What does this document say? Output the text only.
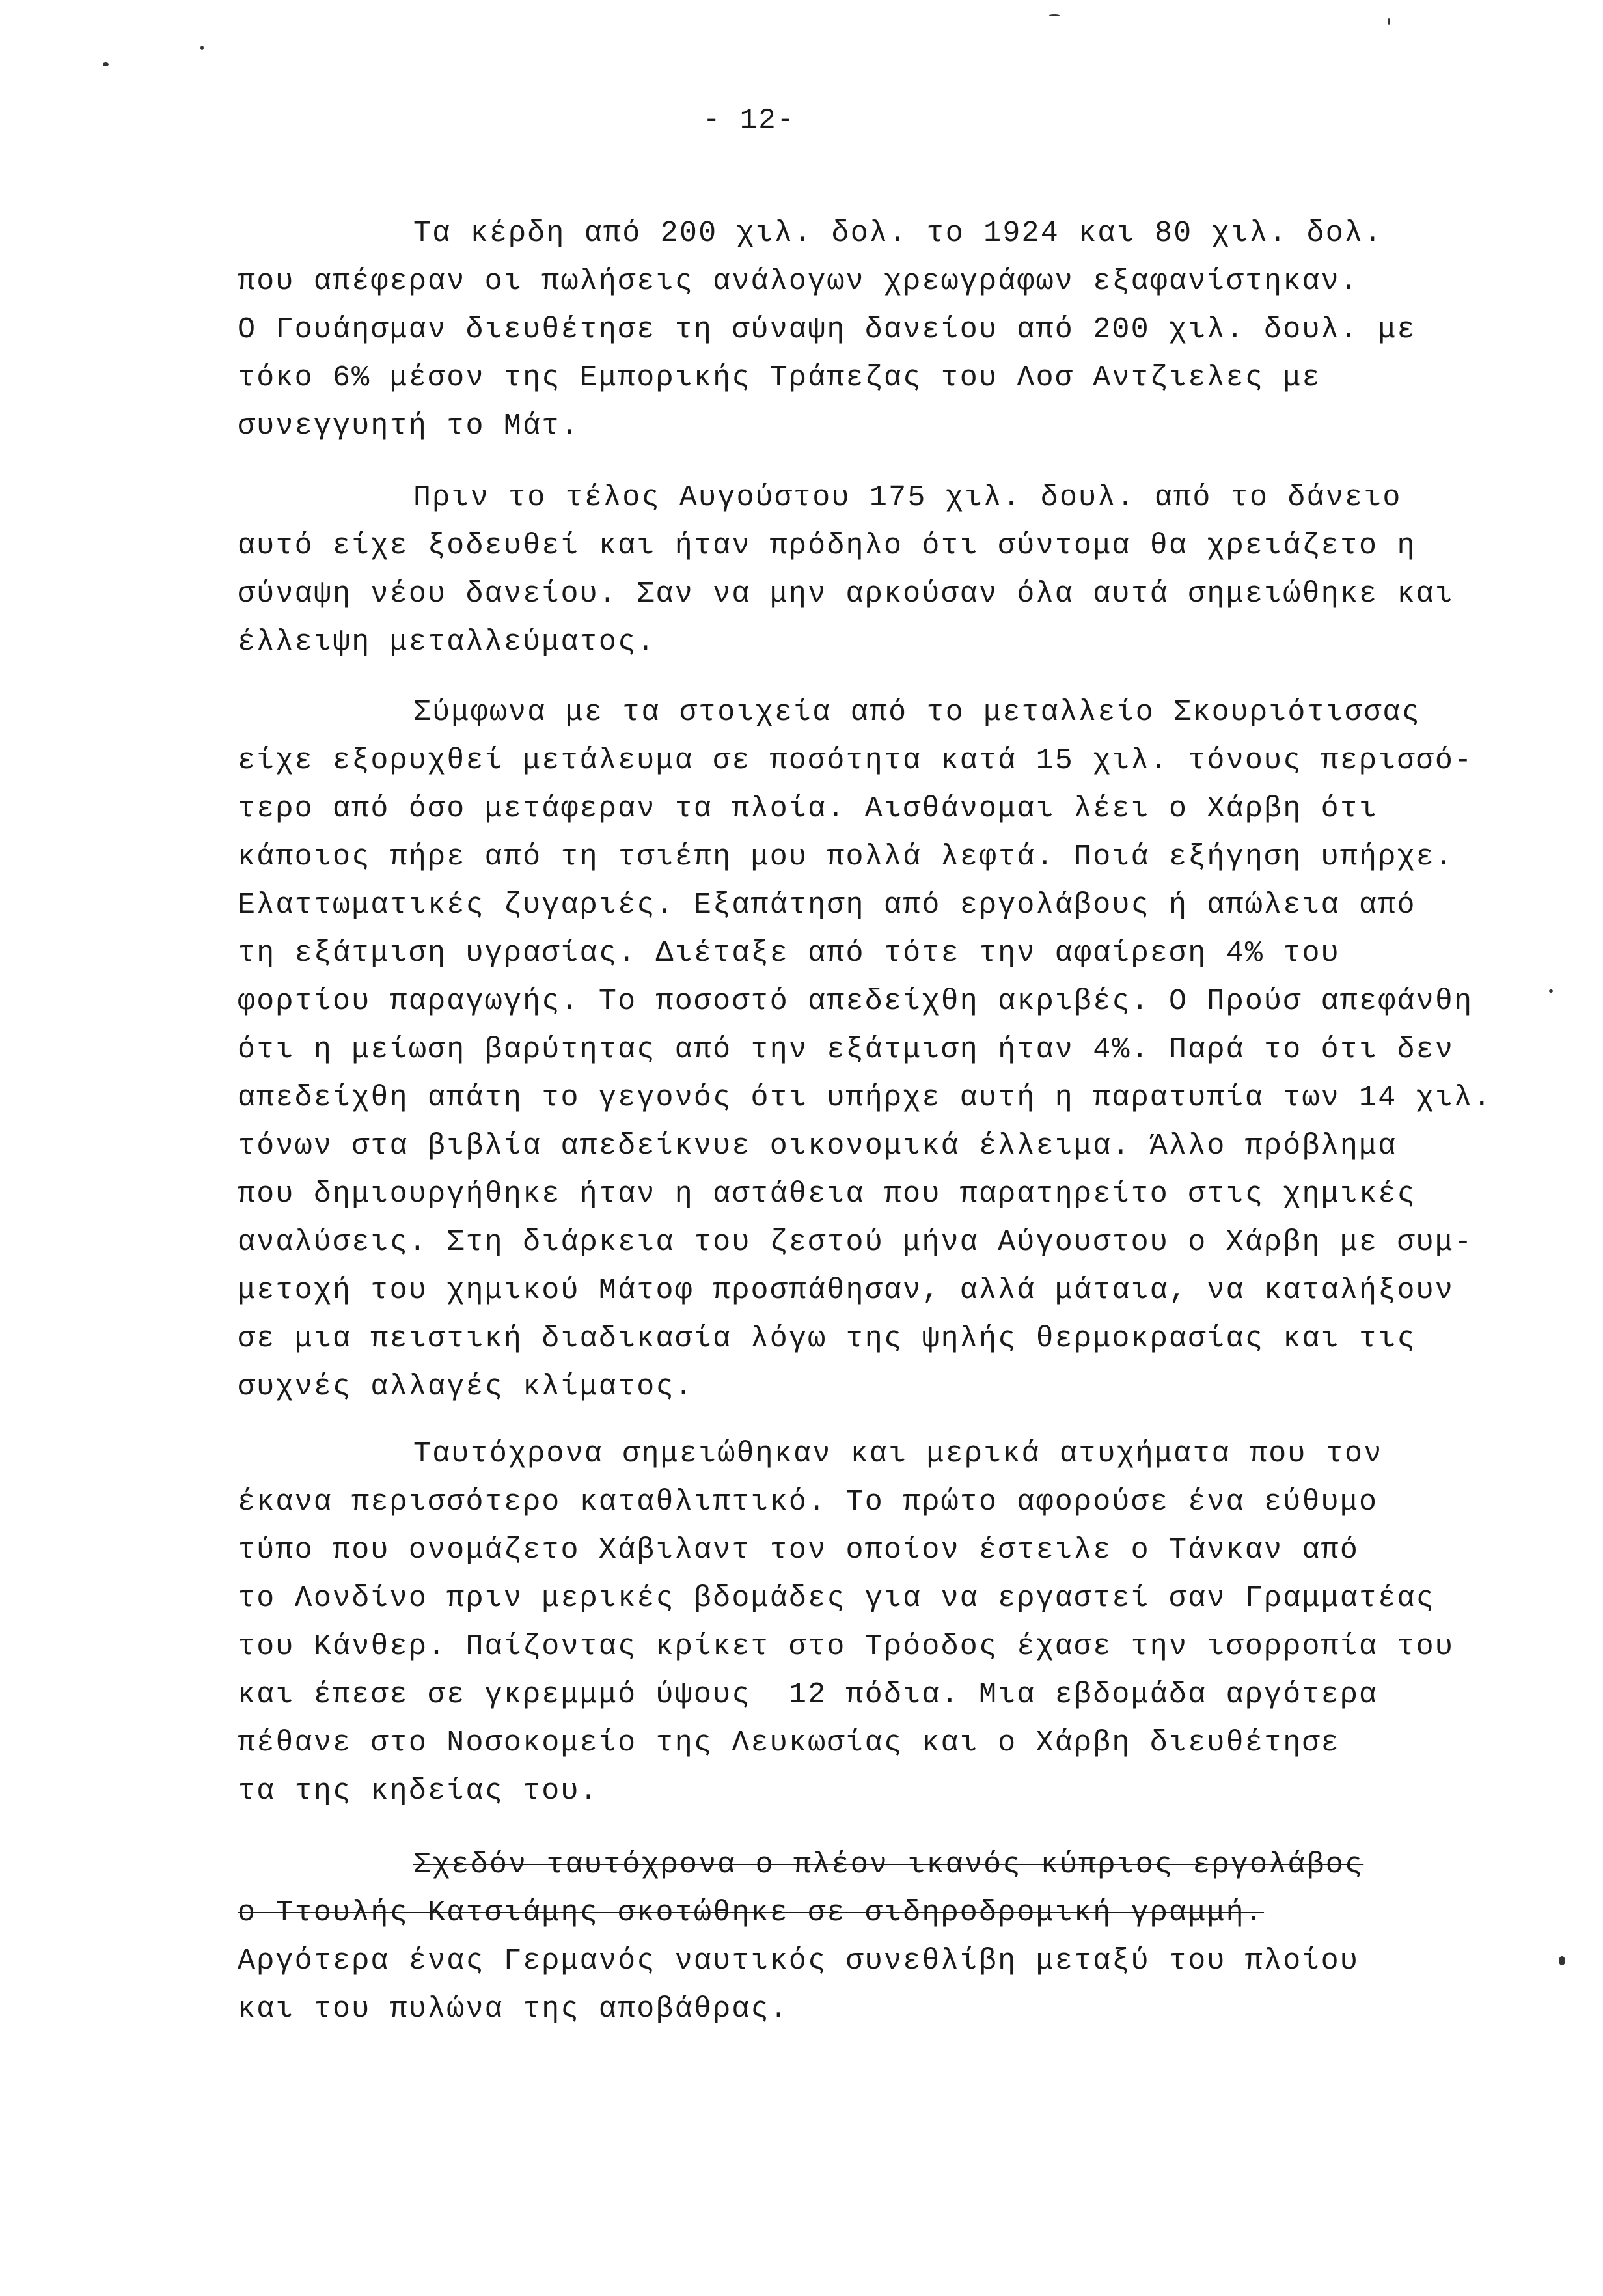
- 12-
Τα κέρδη από 200 χιλ. δολ. το 1924 και 80 χιλ. δολ.
που απέφεραν οι πωλήσεις ανάλογων χρεωγράφων εξαφανίστηκαν.
Ο Γουάησμαν διευθέτησε τη σύναψη δανείου από 200 χιλ. δουλ. με
τόκο 6% μέσον της Εμπορικής Τράπεζας του Λοσ Αντζιελες με
συνεγγυητή το Μάτ.
Πριν το τέλος Αυγούστου 175 χιλ. δουλ. από το δάνειο
αυτό είχε ξοδευθεί και ήταν πρόδηλο ότι σύντομα θα χρειάζετο η
σύναψη νέου δανείου. Σαν να μην αρκούσαν όλα αυτά σημειώθηκε και
έλλειψη μεταλλεύματος.
Σύμφωνα με τα στοιχεία από το μεταλλείο Σκουριότισσας
είχε εξορυχθεί μετάλευμα σε ποσότητα κατά 15 χιλ. τόνους περισσό-
τερο από όσο μετάφεραν τα πλοία. Αισθάνομαι λέει ο Χάρβη ότι
κάποιος πήρε από τη τσιέπη μου πολλά λεφτά. Ποιά εξήγηση υπήρχε.
Ελαττωματικές ζυγαριές. Εξαπάτηση από εργολάβους ή απώλεια από
τη εξάτμιση υγρασίας. Διέταξε από τότε την αφαίρεση 4% του
φορτίου παραγωγής. Το ποσοστό απεδείχθη ακριβές. Ο Προύσ απεφάνθη
ότι η μείωση βαρύτητας από την εξάτμιση ήταν 4%. Παρά το ότι δεν
απεδείχθη απάτη το γεγονός ότι υπήρχε αυτή η παρατυπία των 14 χιλ.
τόνων στα βιβλία απεδείκνυε οικονομικά έλλειμα. Άλλο πρόβλημα
που δημιουργήθηκε ήταν η αστάθεια που παρατηρείτο στις χημικές
αναλύσεις. Στη διάρκεια του ζεστού μήνα Αύγουστου ο Χάρβη με συμ-
μετοχή του χημικού Μάτοφ προσπάθησαν, αλλά μάταια, να καταλήξουν
σε μια πειστική διαδικασία λόγω της ψηλής θερμοκρασίας και τις
συχνές αλλαγές κλίματος.
Ταυτόχρονα σημειώθηκαν και μερικά ατυχήματα που τον
έκανα περισσότερο καταθλιπτικό. Το πρώτο αφορούσε ένα εύθυμο
τύπο που ονομάζετο Χάβιλαντ τον οποίον έστειλε ο Τάνκαν από
το Λονδίνο πριν μερικές βδομάδες για να εργαστεί σαν Γραμματέας
του Κάνθερ. Παίζοντας κρίκετ στο Τρόοδος έχασε την ισορροπία του
και έπεσε σε γκρεμμμό ύψους  12 πόδια. Μια εβδομάδα αργότερα
πέθανε στο Νοσοκομείο της Λευκωσίας και ο Χάρβη διευθέτησε
τα της κηδείας του.
Σχεδόν ταυτόχρονα ο πλέον ικανός κύπριος εργολάβος
ο Ττουλής Κατσιάμης σκοτώθηκε σε σιδηροδρομική γραμμή.
Αργότερα ένας Γερμανός ναυτικός συνεθλίβη μεταξύ του πλοίου
και του πυλώνα της αποβάθρας.
